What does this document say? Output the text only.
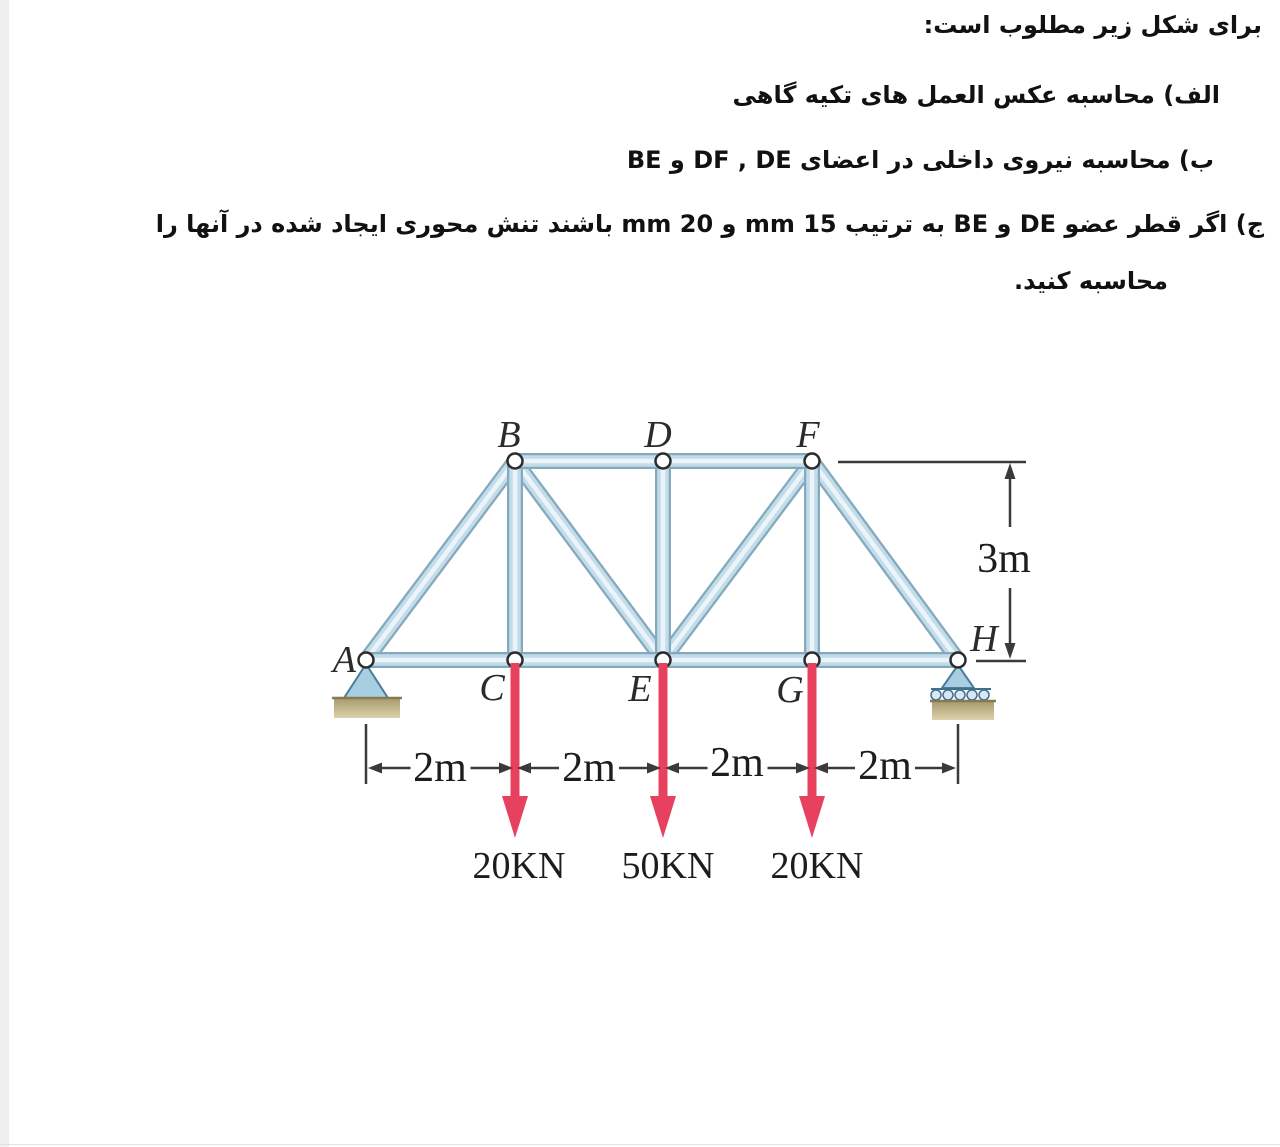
برای شکل زیر مطلوب است:
الف) محاسبه عکس العمل های تکیه گاهی
ب) محاسبه نیروی داخلی در اعضای DF , DE و BE
ج) اگر قطر عضو DE و BE به ترتیب 15 mm و 20 mm باشند تنش محوری ایجاد شده در آنها را
محاسبه کنید.
3m
2m 2m 2m 2m
A
B
C
D
E
F
G
H
20KN 50KN 20KN
